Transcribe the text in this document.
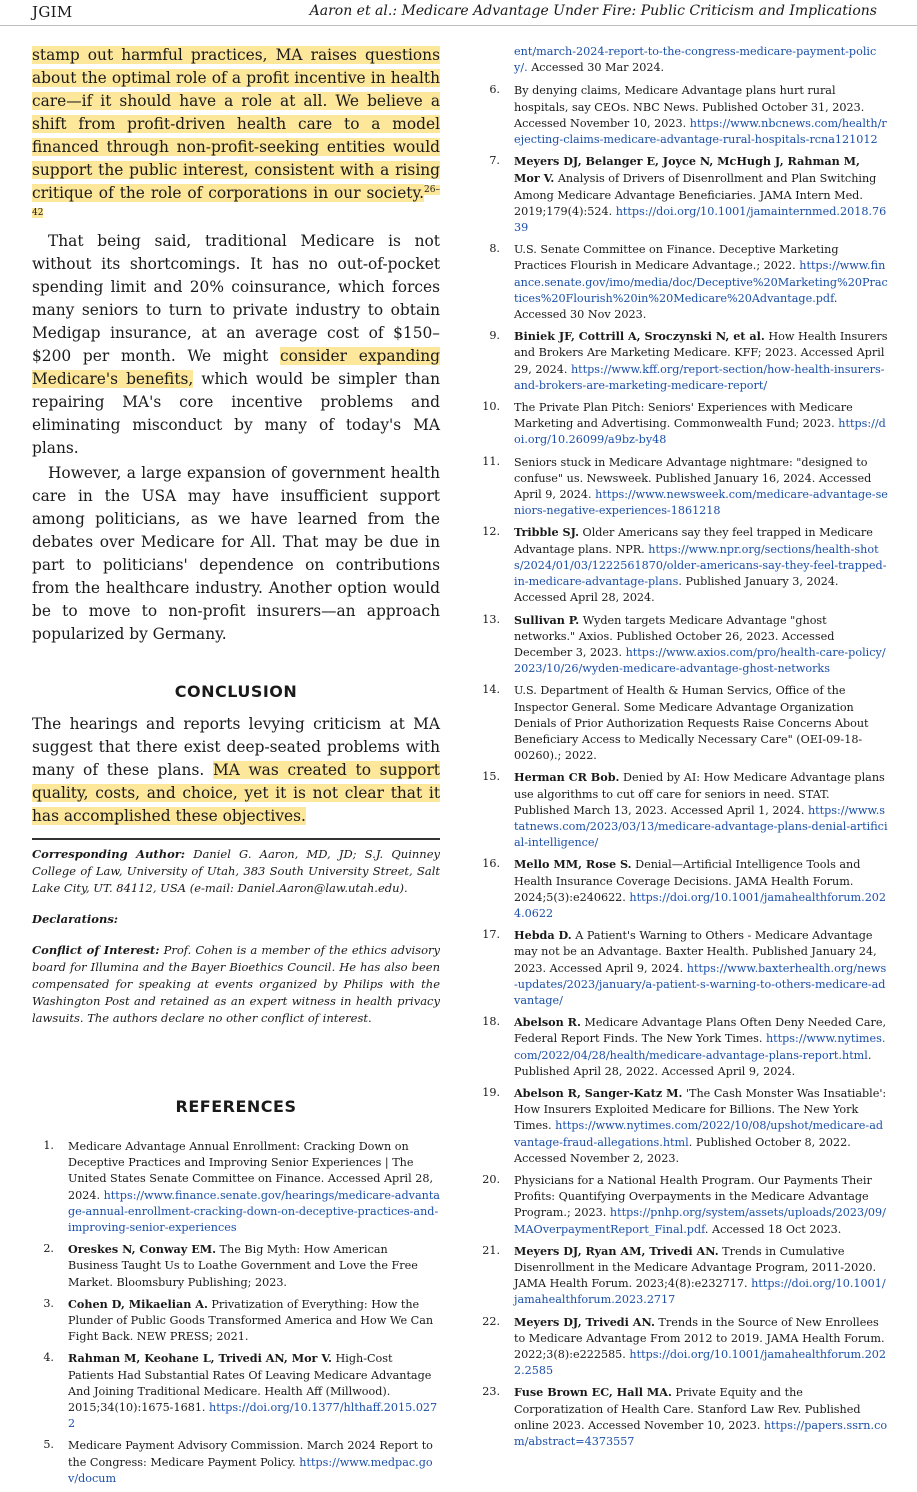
JGIM	Aaron et al.: Medicare Advantage Under Fire: Public Criticism and Implications

stamp out harmful practices, MA raises questions about the optimal role of a profit incentive in health care—if it should have a role at all. We believe a shift from profit-driven health care to a model financed through non-profit-seeking entities would support the public interest, consistent with a rising critique of the role of corporations in our society.$^{26-42}$

That being said, traditional Medicare is not without its shortcomings. It has no out-of-pocket spending limit and 20% coinsurance, which forces many seniors to turn to private industry to obtain Medigap insurance, at an average cost of $150–$200 per month. We might consider expanding Medicare's benefits, which would be simpler than repairing MA's core incentive problems and eliminating misconduct by many of today's MA plans.

However, a large expansion of government health care in the USA may have insufficient support among politicians, as we have learned from the debates over Medicare for All. That may be due in part to politicians' dependence on contributions from the healthcare industry. Another option would be to move to non-profit insurers—an approach popularized by Germany.

CONCLUSION

The hearings and reports levying criticism at MA suggest that there exist deep-seated problems with many of these plans. MA was created to support quality, costs, and choice, yet it is not clear that it has accomplished these objectives.

Corresponding Author: Daniel G. Aaron, MD, JD; S.J. Quinney College of Law, University of Utah, 383 South University Street, Salt Lake City, UT. 84112, USA (e-mail: Daniel.Aaron@law.utah.edu).

Declarations:

Conflict of Interest: Prof. Cohen is a member of the ethics advisory board for Illumina and the Bayer Bioethics Council. He has also been compensated for speaking at events organized by Philips with the Washington Post and retained as an expert witness in health privacy lawsuits. The authors declare no other conflict of interest.

REFERENCES
1. Medicare Advantage Annual Enrollment: Cracking Down on Deceptive Practices and Improving Senior Experiences | The United States Senate Committee on Finance. Accessed April 28, 2024. https://www.finance.senate.gov/hearings/medicare-advantage-annual-enrollment-cracking-down-on-deceptive-practices-and-improving-senior-experiences
2. Oreskes N, Conway EM. The Big Myth: How American Business Taught Us to Loathe Government and Love the Free Market. Bloomsbury Publishing; 2023.
3. Cohen D, Mikaelian A. Privatization of Everything: How the Plunder of Public Goods Transformed America and How We Can Fight Back. NEW PRESS; 2021.
4. Rahman M, Keohane L, Trivedi AN, Mor V. High-Cost Patients Had Substantial Rates Of Leaving Medicare Advantage And Joining Traditional Medicare. Health Aff (Millwood). 2015;34(10):1675-1681. https://doi.org/10.1377/hlthaff.2015.0272
5. Medicare Payment Advisory Commission. March 2024 Report to the Congress: Medicare Payment Policy. https://www.medpac.gov/docum
ent/march-2024-report-to-the-congress-medicare-payment-policy/. Accessed 30 Mar 2024.
6. By denying claims, Medicare Advantage plans hurt rural hospitals, say CEOs. NBC News. Published October 31, 2023. Accessed November 10, 2023. https://www.nbcnews.com/health/rejecting-claims-medicare-advantage-rural-hospitals-rcna121012
7. Meyers DJ, Belanger E, Joyce N, McHugh J, Rahman M, Mor V. Analysis of Drivers of Disenrollment and Plan Switching Among Medicare Advantage Beneficiaries. JAMA Intern Med. 2019;179(4):524. https://doi.org/10.1001/jamainternmed.2018.7639
8. U.S. Senate Committee on Finance. Deceptive Marketing Practices Flourish in Medicare Advantage.; 2022. https://www.finance.senate.gov/imo/media/doc/Deceptive%20Marketing%20Practices%20Flourish%20in%20Medicare%20Advantage.pdf. Accessed 30 Nov 2023.
9. Biniek JF, Cottrill A, Sroczynski N, et al. How Health Insurers and Brokers Are Marketing Medicare. KFF; 2023. Accessed April 29, 2024. https://www.kff.org/report-section/how-health-insurers-and-brokers-are-marketing-medicare-report/
10. The Private Plan Pitch: Seniors' Experiences with Medicare Marketing and Advertising. Commonwealth Fund; 2023. https://doi.org/10.26099/a9bz-by48
11. Seniors stuck in Medicare Advantage nightmare: "designed to confuse" us. Newsweek. Published January 16, 2024. Accessed April 9, 2024. https://www.newsweek.com/medicare-advantage-seniors-negative-experiences-1861218
12. Tribble SJ. Older Americans say they feel trapped in Medicare Advantage plans. NPR. https://www.npr.org/sections/health-shots/2024/01/03/1222561870/older-americans-say-they-feel-trapped-in-medicare-advantage-plans. Published January 3, 2024. Accessed April 28, 2024.
13. Sullivan P. Wyden targets Medicare Advantage "ghost networks." Axios. Published October 26, 2023. Accessed December 3, 2023. https://www.axios.com/pro/health-care-policy/2023/10/26/wyden-medicare-advantage-ghost-networks
14. U.S. Department of Health & Human Servics, Office of the Inspector General. Some Medicare Advantage Organization Denials of Prior Authorization Requests Raise Concerns About Beneficiary Access to Medically Necessary Care" (OEI-09-18-00260).; 2022.
15. Herman CR Bob. Denied by AI: How Medicare Advantage plans use algorithms to cut off care for seniors in need. STAT. Published March 13, 2023. Accessed April 1, 2024. https://www.statnews.com/2023/03/13/medicare-advantage-plans-denial-artificial-intelligence/
16. Mello MM, Rose S. Denial—Artificial Intelligence Tools and Health Insurance Coverage Decisions. JAMA Health Forum. 2024;5(3):e240622. https://doi.org/10.1001/jamahealthforum.2024.0622
17. Hebda D. A Patient's Warning to Others - Medicare Advantage may not be an Advantage. Baxter Health. Published January 24, 2023. Accessed April 9, 2024. https://www.baxterhealth.org/news-updates/2023/january/a-patient-s-warning-to-others-medicare-advantage/
18. Abelson R. Medicare Advantage Plans Often Deny Needed Care, Federal Report Finds. The New York Times. https://www.nytimes.com/2022/04/28/health/medicare-advantage-plans-report.html. Published April 28, 2022. Accessed April 9, 2024.
19. Abelson R, Sanger-Katz M. 'The Cash Monster Was Insatiable': How Insurers Exploited Medicare for Billions. The New York Times. https://www.nytimes.com/2022/10/08/upshot/medicare-advantage-fraud-allegations.html. Published October 8, 2022. Accessed November 2, 2023.
20. Physicians for a National Health Program. Our Payments Their Profits: Quantifying Overpayments in the Medicare Advantage Program.; 2023. https://pnhp.org/system/assets/uploads/2023/09/MAOverpaymentReport_Final.pdf. Accessed 18 Oct 2023.
21. Meyers DJ, Ryan AM, Trivedi AN. Trends in Cumulative Disenrollment in the Medicare Advantage Program, 2011-2020. JAMA Health Forum. 2023;4(8):e232717. https://doi.org/10.1001/jamahealthforum.2023.2717
22. Meyers DJ, Trivedi AN. Trends in the Source of New Enrollees to Medicare Advantage From 2012 to 2019. JAMA Health Forum. 2022;3(8):e222585. https://doi.org/10.1001/jamahealthforum.2022.2585
23. Fuse Brown EC, Hall MA. Private Equity and the Corporatization of Health Care. Stanford Law Rev. Published online 2023. Accessed November 10, 2023. https://papers.ssrn.com/abstract=4373557
